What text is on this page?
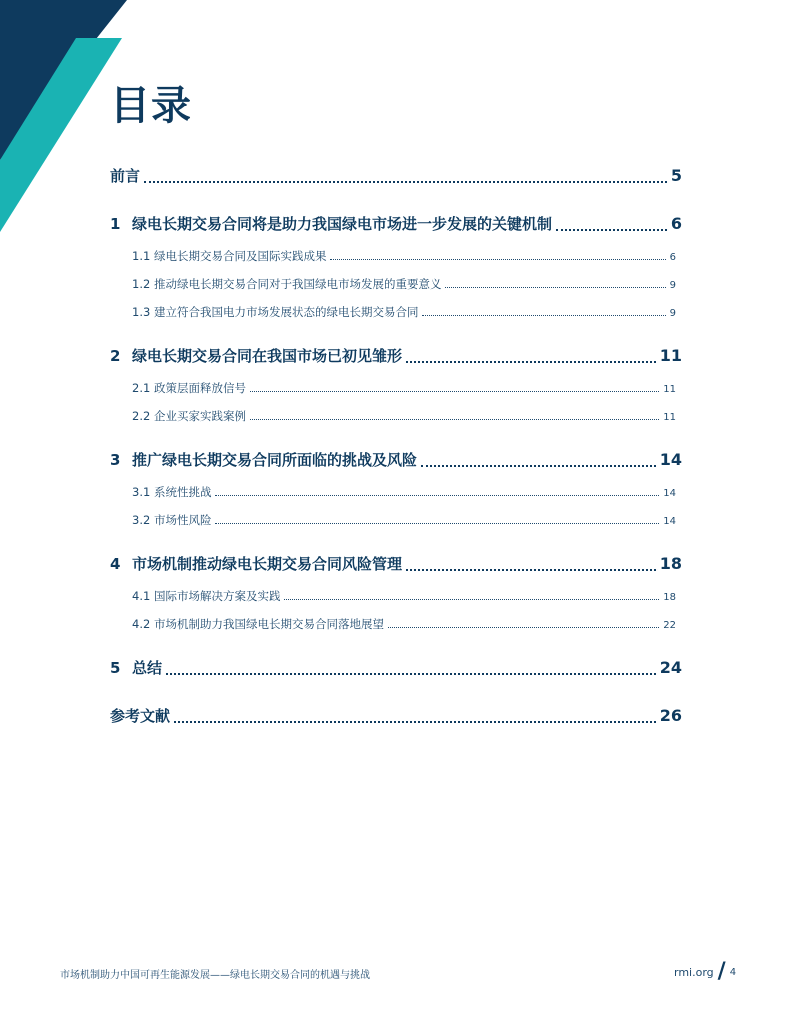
目录
前言	5
1 绿电长期交易合同将是助力我国绿电市场进一步发展的关键机制	6
1.1 绿电长期交易合同及国际实践成果	6
1.2 推动绿电长期交易合同对于我国绿电市场发展的重要意义	9
1.3 建立符合我国电力市场发展状态的绿电长期交易合同	9
2 绿电长期交易合同在我国市场已初见雏形	11
2.1 政策层面释放信号	11
2.2 企业买家实践案例	11
3 推广绿电长期交易合同所面临的挑战及风险	14
3.1 系统性挑战	14
3.2 市场性风险	14
4 市场机制推动绿电长期交易合同风险管理	18
4.1 国际市场解决方案及实践	18
4.2 市场机制助力我国绿电长期交易合同落地展望	22
5 总结	24
参考文献	26
市场机制助力中国可再生能源发展——绿电长期交易合同的机遇与挑战	rmi.org / 4
